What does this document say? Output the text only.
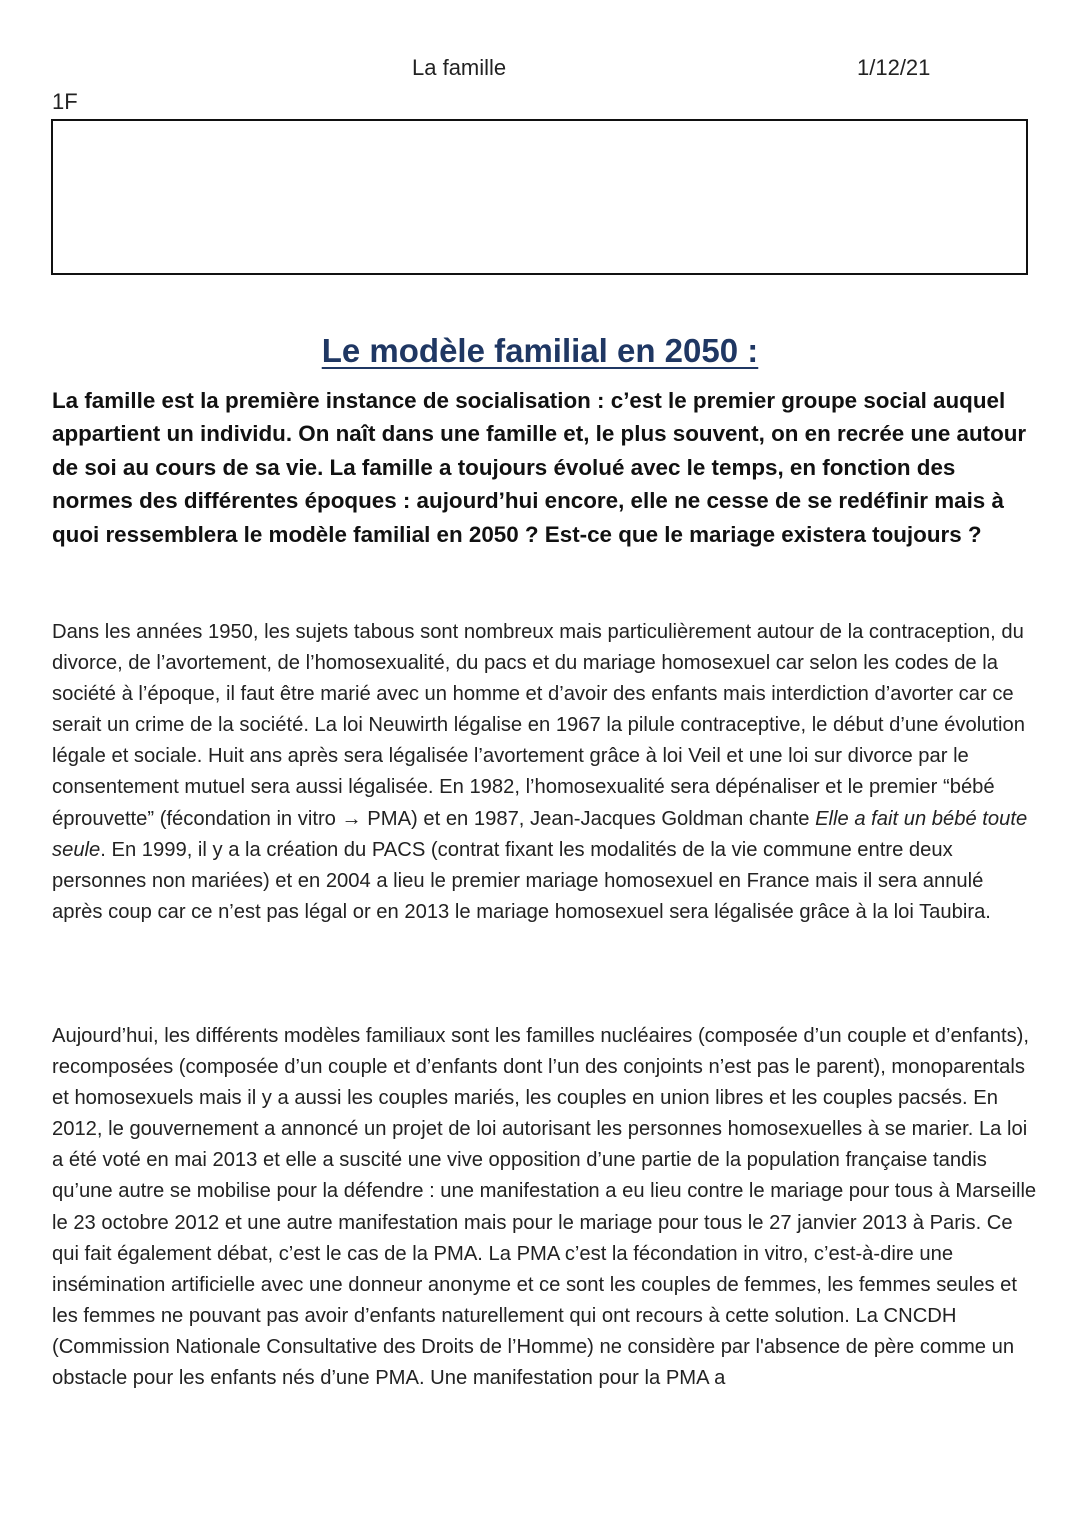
La famille	1/12/21
1F
Le modèle familial en 2050 :

La famille est la première instance de socialisation : c’est le premier groupe social auquel appartient un individu. On naît dans une famille et, le plus souvent, on en recrée une autour de soi au cours de sa vie. La famille a toujours évolué avec le temps, en fonction des normes des différentes époques : aujourd’hui encore, elle ne cesse de se redéfinir mais à quoi ressemblera le modèle familial en 2050 ? Est-ce que le mariage existera toujours ?

Dans les années 1950, les sujets tabous sont nombreux mais particulièrement autour de la contraception, du divorce, de l’avortement, de l’homosexualité, du pacs et du mariage homosexuel car selon les codes de la société à l’époque, il faut être marié avec un homme et d’avoir des enfants mais interdiction d’avorter car ce serait un crime de la société. La loi Neuwirth légalise en 1967 la pilule contraceptive, le début d’une évolution légale et sociale. Huit ans après sera légalisée l’avortement grâce à loi Veil et une loi sur divorce par le consentement mutuel sera aussi légalisée. En 1982, l’homosexualité sera dépénaliser et le premier “bébé éprouvette” (fécondation in vitro → PMA) et en 1987, Jean-Jacques Goldman chante Elle a fait un bébé toute seule. En 1999, il y a la création du PACS (contrat fixant les modalités de la vie commune entre deux personnes non mariées) et en 2004 a lieu le premier mariage homosexuel en France mais il sera annulé après coup car ce n’est pas légal or en 2013 le mariage homosexuel sera légalisée grâce à la loi Taubira.

Aujourd’hui, les différents modèles familiaux sont les familles nucléaires (composée d’un couple et d’enfants), recomposées (composée d’un couple et d’enfants dont l’un des conjoints n’est pas le parent), monoparentals et homosexuels mais il y a aussi les couples mariés, les couples en union libres et les couples pacsés. En 2012, le gouvernement a annoncé un projet de loi autorisant les personnes homosexuelles à se marier. La loi a été voté en mai 2013 et elle a suscité une vive opposition d’une partie de la population française tandis qu’une autre se mobilise pour la défendre : une manifestation a eu lieu contre le mariage pour tous à Marseille le 23 octobre 2012 et une autre manifestation mais pour le mariage pour tous le 27 janvier 2013 à Paris. Ce qui fait également débat, c’est le cas de la PMA. La PMA c’est la fécondation in vitro, c’est-à-dire une insémination artificielle avec une donneur anonyme et ce sont les couples de femmes, les femmes seules et les femmes ne pouvant pas avoir d’enfants naturellement qui ont recours à cette solution. La CNCDH (Commission Nationale Consultative des Droits de l’Homme) ne considère par l'absence de père comme un obstacle pour les enfants nés d’une PMA. Une manifestation pour la PMA a
